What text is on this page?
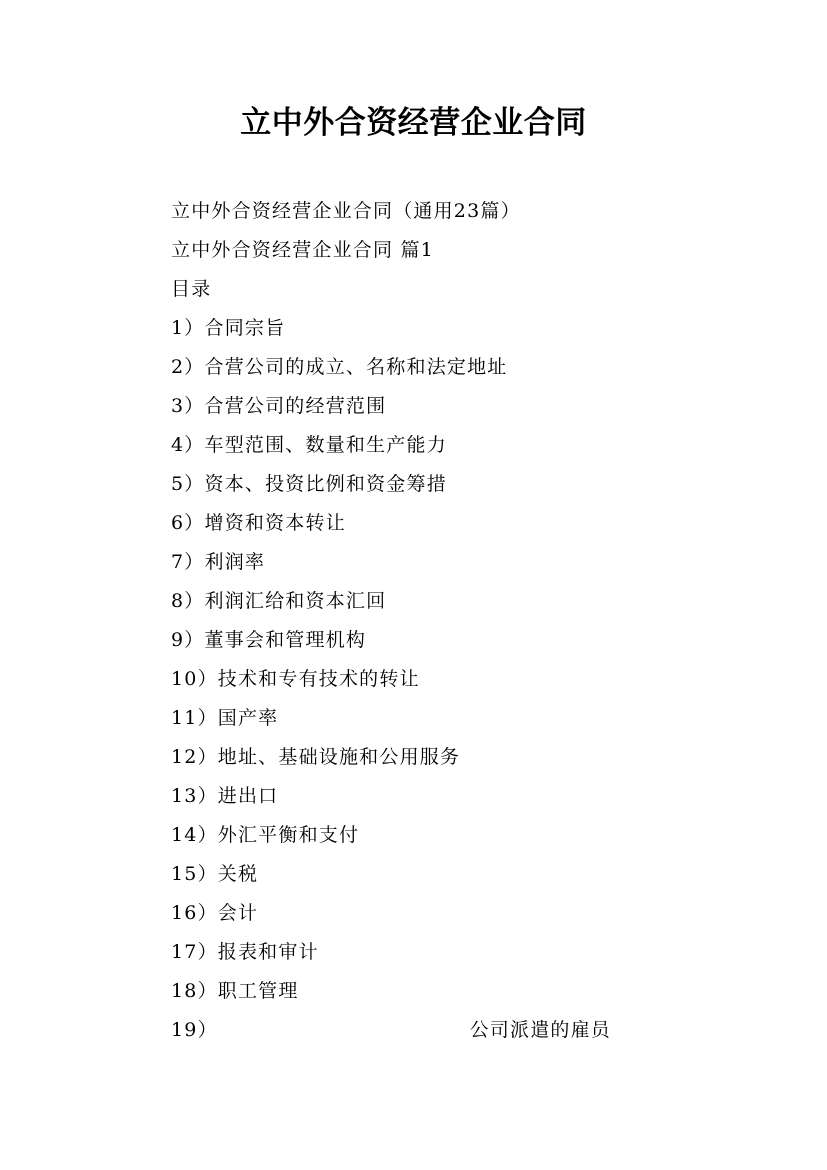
立中外合资经营企业合同
立中外合资经营企业合同（通用23篇）
立中外合资经营企业合同 篇1
目录
1） 合同宗旨
2） 合营公司的成立、名称和法定地址
3） 合营公司的经营范围
4） 车型范围、数量和生产能力
5） 资本、投资比例和资金筹措
6） 增资和资本转让
7） 利润率
8） 利润汇给和资本汇回
9） 董事会和管理机构
10） 技术和专有技术的转让
11） 国产率
12） 地址、基础设施和公用服务
13） 进出口
14） 外汇平衡和支付
15） 关税
16） 会计
17） 报表和审计
18） 职工管理
19）	公司派遣的雇员
